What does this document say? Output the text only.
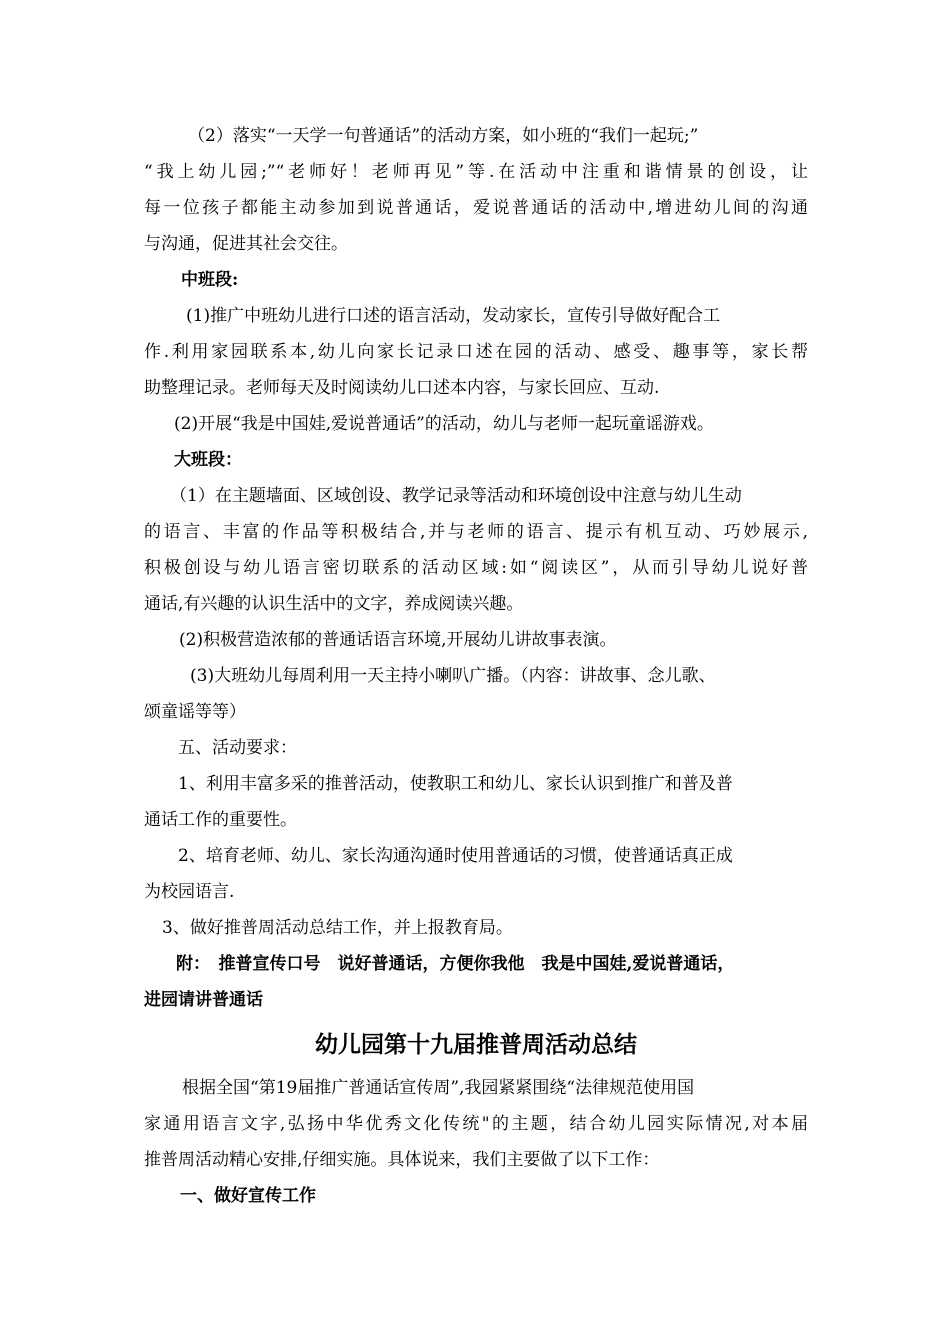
（2）落实“一天学一句普通话”的活动方案，如小班的“我们一起玩;”
“我上幼儿园;”“老师好！老师再见”等.在活动中注重和谐情景的创设，让
每一位孩子都能主动参加到说普通话，爱说普通话的活动中,增进幼儿间的沟通
与沟通，促进其社会交往。
中班段:
(1)推广中班幼儿进行口述的语言活动，发动家长，宣传引导做好配合工
作.利用家园联系本,幼儿向家长记录口述在园的活动、感受、趣事等，家长帮
助整理记录。老师每天及时阅读幼儿口述本内容，与家长回应、互动.
(2)开展“我是中国娃,爱说普通话”的活动，幼儿与老师一起玩童谣游戏。
大班段：
（1）在主题墙面、区域创设、教学记录等活动和环境创设中注意与幼儿生动
的语言、丰富的作品等积极结合,并与老师的语言、提示有机互动、巧妙展示,
积极创设与幼儿语言密切联系的活动区域:如“阅读区”，从而引导幼儿说好普
通话,有兴趣的认识生活中的文字，养成阅读兴趣。
(2)积极营造浓郁的普通话语言环境,开展幼儿讲故事表演。
(3)大班幼儿每周利用一天主持小喇叭广播。（内容：讲故事、念儿歌、
颂童谣等等）
五、活动要求：
1、利用丰富多采的推普活动，使教职工和幼儿、家长认识到推广和普及普
通话工作的重要性。
2、培育老师、幼儿、家长沟通沟通时使用普通话的习惯，使普通话真正成
为校园语言.
3、做好推普周活动总结工作，并上报教育局。
附：　推普宣传口号　说好普通话，方便你我他　我是中国娃,爱说普通话，
进园请讲普通话
幼儿园第十九届推普周活动总结
根据全国“第19届推广普通话宣传周”,我园紧紧围绕“法律规范使用国
家通用语言文字,弘扬中华优秀文化传统"的主题，结合幼儿园实际情况,对本届
推普周活动精心安排,仔细实施。具体说来，我们主要做了以下工作：
一、做好宣传工作
